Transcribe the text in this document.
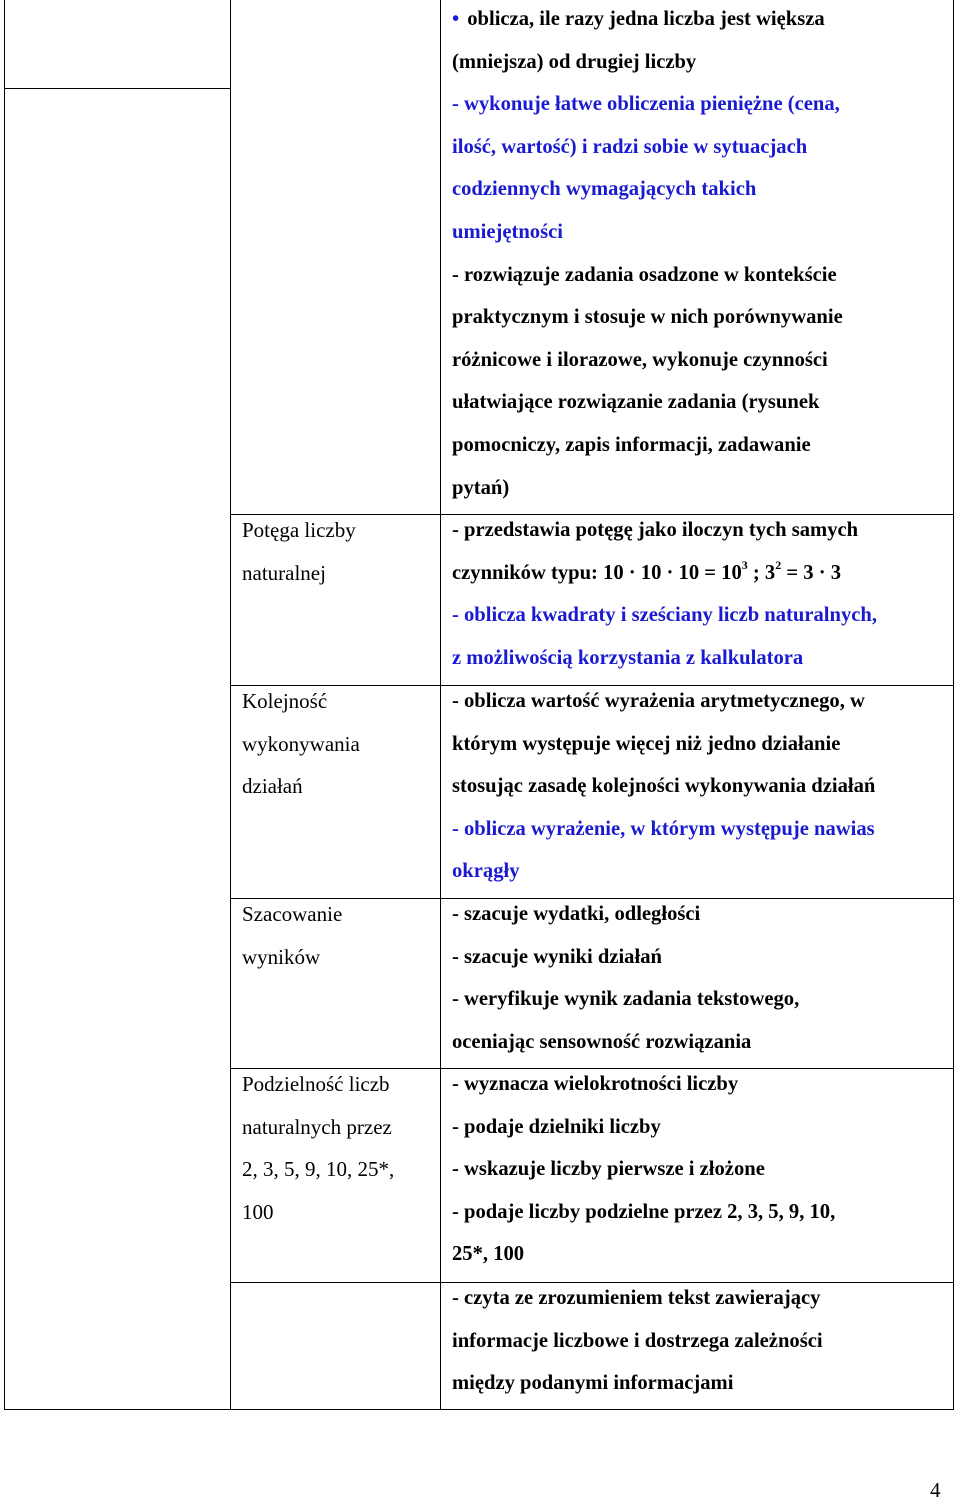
• oblicza, ile razy jedna liczba jest większa
(mniejsza) od drugiej liczby
- wykonuje łatwe obliczenia pieniężne (cena,
ilość, wartość) i radzi sobie w sytuacjach
codziennych wymagających takich
umiejętności
- rozwiązuje zadania osadzone w kontekście
praktycznym i stosuje w nich porównywanie
różnicowe i ilorazowe, wykonuje czynności
ułatwiające rozwiązanie zadania (rysunek
pomocniczy, zapis informacji, zadawanie
pytań)
Potęga liczby
naturalnej
- przedstawia potęgę jako iloczyn tych samych
czynników typu: $10 \cdot 10 \cdot 10 = 10^3$ ; $3^2 = 3 \cdot 3$
- oblicza kwadraty i sześciany liczb naturalnych,
z możliwością korzystania z kalkulatora
Kolejność
wykonywania
działań
- oblicza wartość wyrażenia arytmetycznego, w
którym występuje więcej niż jedno działanie
stosując zasadę kolejności wykonywania działań
- oblicza wyrażenie, w którym występuje nawias
okrągły
Szacowanie
wyników
- szacuje wydatki, odległości
- szacuje wyniki działań
- weryfikuje wynik zadania tekstowego,
oceniając sensowność rozwiązania
Podzielność liczb
naturalnych przez
2, 3, 5, 9, 10, 25*,
100
- wyznacza wielokrotności liczby
- podaje dzielniki liczby
- wskazuje liczby pierwsze i złożone
- podaje liczby podzielne przez 2, 3, 5, 9, 10,
25*, 100
- czyta ze zrozumieniem tekst zawierający
informacje liczbowe i dostrzega zależności
między podanymi informacjami
4
